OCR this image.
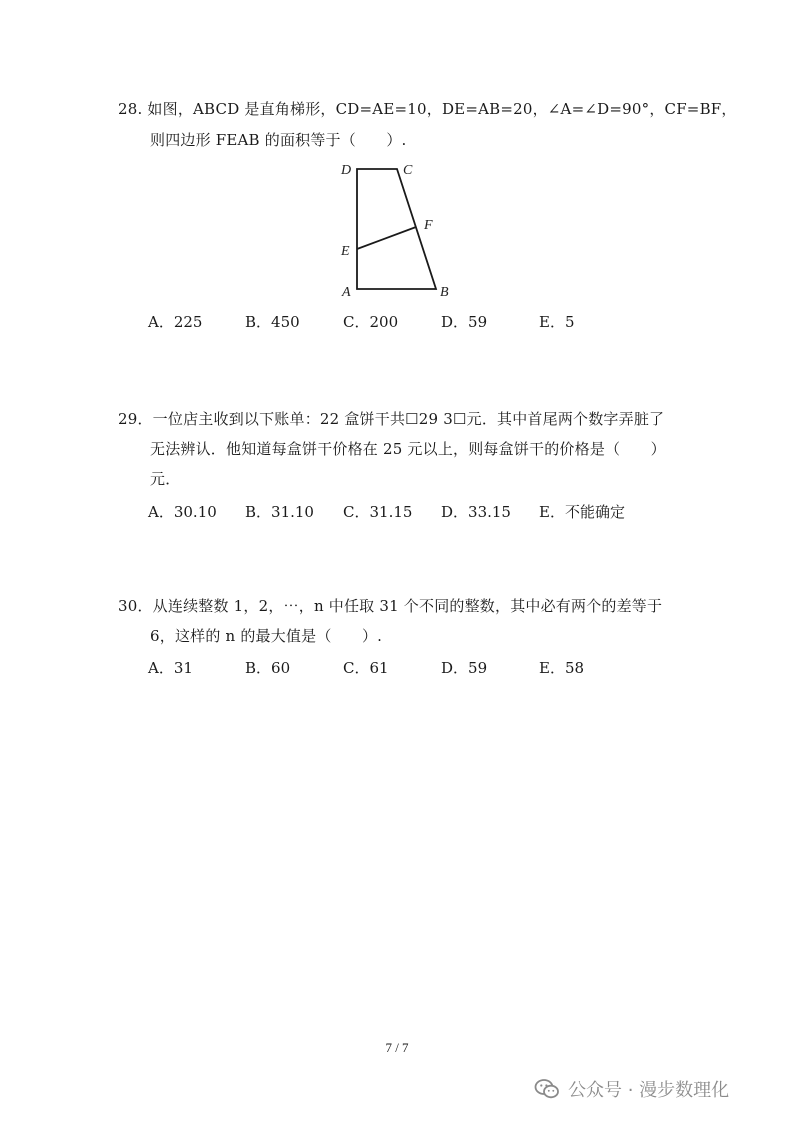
28. 如图，ABCD 是直角梯形，CD=AE=10，DE=AB=20，∠A=∠D=90°，CF=BF，
则四边形 FEAB 的面积等于（　　）.
D	C
F
E
A	B
A．225	B．450	C．200	D．59	E．5
29．一位店主收到以下账单：22 盒饼干共☐29 3☐元．其中首尾两个数字弄脏了
无法辨认．他知道每盒饼干价格在 25 元以上，则每盒饼干的价格是（　　）
元．
A．30.10 B．31.10 C．31.15 D．33.15 E．不能确定
30．从连续整数 1，2，⋯，n 中任取 31 个不同的整数，其中必有两个的差等于
6，这样的 n 的最大值是（　　）.
A．31	B．60	C．61	D．59	E．58
7 / 7
公众号 · 漫步数理化
